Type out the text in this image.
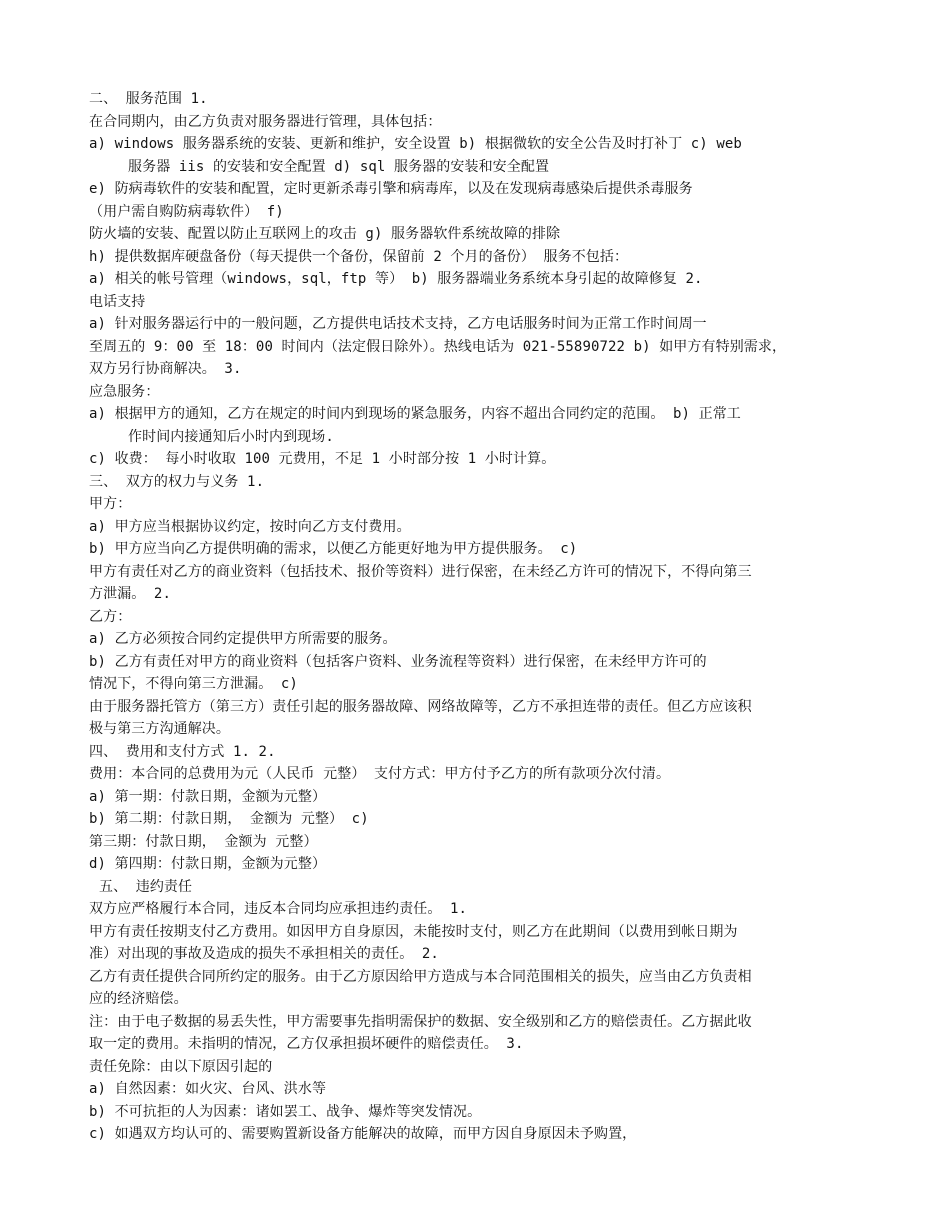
二、 服务范围 1.
在合同期内，由乙方负责对服务器进行管理，具体包括：
a) windows 服务器系统的安装、更新和维护，安全设置 b) 根据微软的安全公告及时打补丁 c) web
服务器 iis 的安装和安全配置 d) sql 服务器的安装和安全配置
e) 防病毒软件的安装和配置，定时更新杀毒引擎和病毒库，以及在发现病毒感染后提供杀毒服务
（用户需自购防病毒软件） f)
防火墙的安装、配置以防止互联网上的攻击 g) 服务器软件系统故障的排除
h) 提供数据库硬盘备份（每天提供一个备份，保留前 2 个月的备份） 服务不包括：
a) 相关的帐号管理（windows，sql，ftp 等） b) 服务器端业务系统本身引起的故障修复 2.
电话支持
a) 针对服务器运行中的一般问题，乙方提供电话技术支持，乙方电话服务时间为正常工作时间周一
至周五的 9：00 至 18：00 时间内（法定假日除外）。热线电话为 021-55890722 b) 如甲方有特别需求，
双方另行协商解决。 3.
应急服务：
a) 根据甲方的通知，乙方在规定的时间内到现场的紧急服务，内容不超出合同约定的范围。 b) 正常工
作时间内接通知后小时内到现场.
c) 收费： 每小时收取 100 元费用，不足 1 小时部分按 1 小时计算。
三、 双方的权力与义务 1.
甲方：
a) 甲方应当根据协议约定，按时向乙方支付费用。
b) 甲方应当向乙方提供明确的需求，以便乙方能更好地为甲方提供服务。 c)
甲方有责任对乙方的商业资料（包括技术、报价等资料）进行保密，在未经乙方许可的情况下，不得向第三
方泄漏。 2.
乙方：
a) 乙方必须按合同约定提供甲方所需要的服务。
b) 乙方有责任对甲方的商业资料（包括客户资料、业务流程等资料）进行保密，在未经甲方许可的
情况下，不得向第三方泄漏。 c)
由于服务器托管方（第三方）责任引起的服务器故障、网络故障等，乙方不承担连带的责任。但乙方应该积
极与第三方沟通解决。
四、 费用和支付方式 1. 2.
费用：本合同的总费用为元（人民币 元整） 支付方式：甲方付予乙方的所有款项分次付清。
a) 第一期：付款日期，金额为元整）
b) 第二期：付款日期， 金额为 元整） c)
第三期：付款日期， 金额为 元整）
d) 第四期：付款日期，金额为元整）
五、 违约责任
双方应严格履行本合同，违反本合同均应承担违约责任。 1.
甲方有责任按期支付乙方费用。如因甲方自身原因，未能按时支付，则乙方在此期间（以费用到帐日期为
准）对出现的事故及造成的损失不承担相关的责任。 2.
乙方有责任提供合同所约定的服务。由于乙方原因给甲方造成与本合同范围相关的损失，应当由乙方负责相
应的经济赔偿。
注：由于电子数据的易丢失性，甲方需要事先指明需保护的数据、安全级别和乙方的赔偿责任。乙方据此收
取一定的费用。未指明的情况，乙方仅承担损坏硬件的赔偿责任。 3.
责任免除：由以下原因引起的
a) 自然因素：如火灾、台风、洪水等
b) 不可抗拒的人为因素：诸如罢工、战争、爆炸等突发情况。
c) 如遇双方均认可的、需要购置新设备方能解决的故障，而甲方因自身原因未予购置，
